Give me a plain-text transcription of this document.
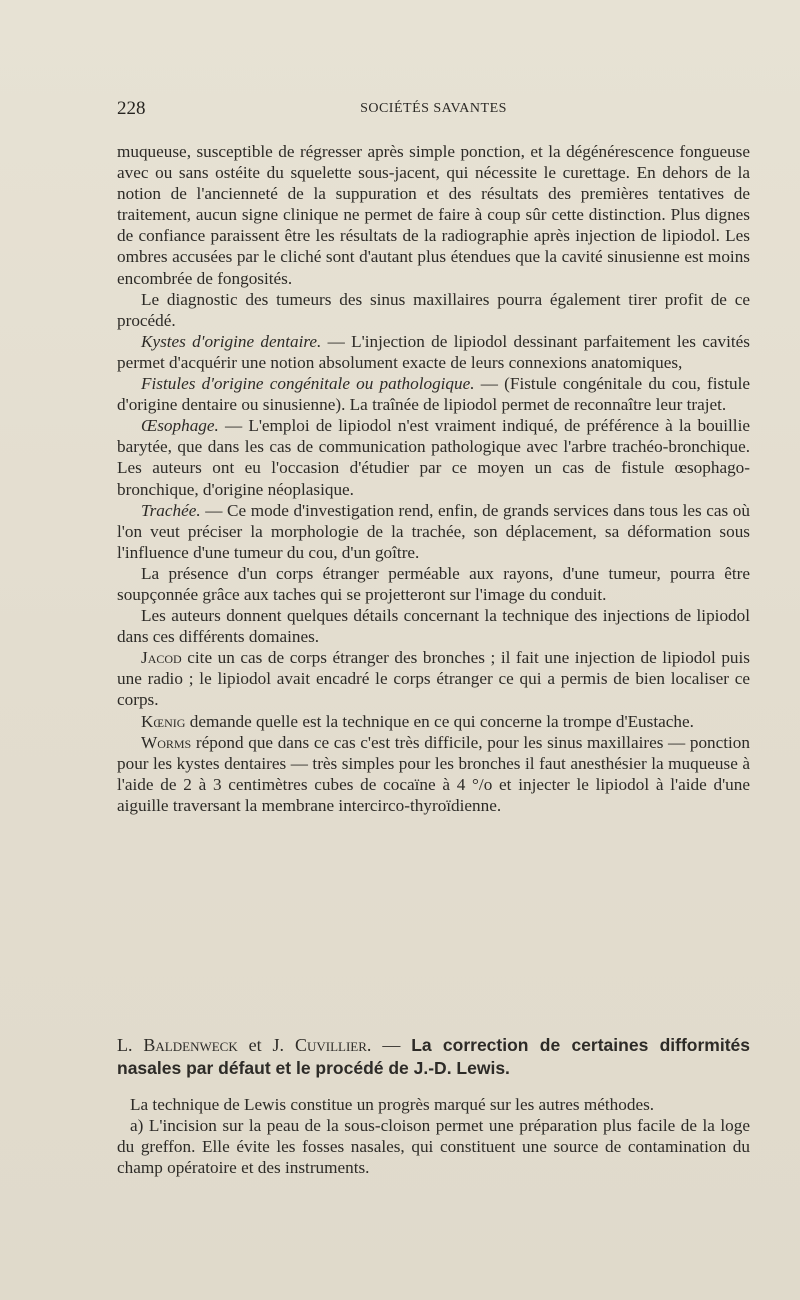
228	SOCIÉTÉS SAVANTES

muqueuse, susceptible de régresser après simple ponction, et la dégénérescence fongueuse avec ou sans ostéite du squelette sous-jacent, qui nécessite le curettage. En dehors de la notion de l'ancienneté de la suppuration et des résultats des premières tentatives de traitement, aucun signe clinique ne permet de faire à coup sûr cette distinction. Plus dignes de confiance paraissent être les résultats de la radiographie après injection de lipiodol. Les ombres accusées par le cliché sont d'autant plus étendues que la cavité sinusienne est moins encombrée de fongosités.

Le diagnostic des tumeurs des sinus maxillaires pourra également tirer profit de ce procédé.

Kystes d'origine dentaire. — L'injection de lipiodol dessinant parfaitement les cavités permet d'acquérir une notion absolument exacte de leurs connexions anatomiques,

Fistules d'origine congénitale ou pathologique. — (Fistule congénitale du cou, fistule d'origine dentaire ou sinusienne). La traînée de lipiodol permet de reconnaître leur trajet.

Œsophage. — L'emploi de lipiodol n'est vraiment indiqué, de préférence à la bouillie barytée, que dans les cas de communication pathologique avec l'arbre trachéo-bronchique. Les auteurs ont eu l'occasion d'étudier par ce moyen un cas de fistule œsophago-bronchique, d'origine néoplasique.

Trachée. — Ce mode d'investigation rend, enfin, de grands services dans tous les cas où l'on veut préciser la morphologie de la trachée, son déplacement, sa déformation sous l'influence d'une tumeur du cou, d'un goître.

La présence d'un corps étranger perméable aux rayons, d'une tumeur, pourra être soupçonnée grâce aux taches qui se projetteront sur l'image du conduit.

Les auteurs donnent quelques détails concernant la technique des injections de lipiodol dans ces différents domaines.

Jacod cite un cas de corps étranger des bronches ; il fait une injection de lipiodol puis une radio ; le lipiodol avait encadré le corps étranger ce qui a permis de bien localiser ce corps.

Kœnig demande quelle est la technique en ce qui concerne la trompe d'Eustache.

Worms répond que dans ce cas c'est très difficile, pour les sinus maxillaires — ponction pour les kystes dentaires — très simples pour les bronches il faut anesthésier la muqueuse à l'aide de 2 à 3 centimètres cubes de cocaïne à 4 °/o et injecter le lipiodol à l'aide d'une aiguille traversant la membrane intercirco-thyroïdienne.

L. Baldenweck et J. Cuvillier. — La correction de certaines difformités nasales par défaut et le procédé de J.-D. Lewis.

La technique de Lewis constitue un progrès marqué sur les autres méthodes.

a) L'incision sur la peau de la sous-cloison permet une préparation plus facile de la loge du greffon. Elle évite les fosses nasales, qui constituent une source de contamination du champ opératoire et des instruments.
